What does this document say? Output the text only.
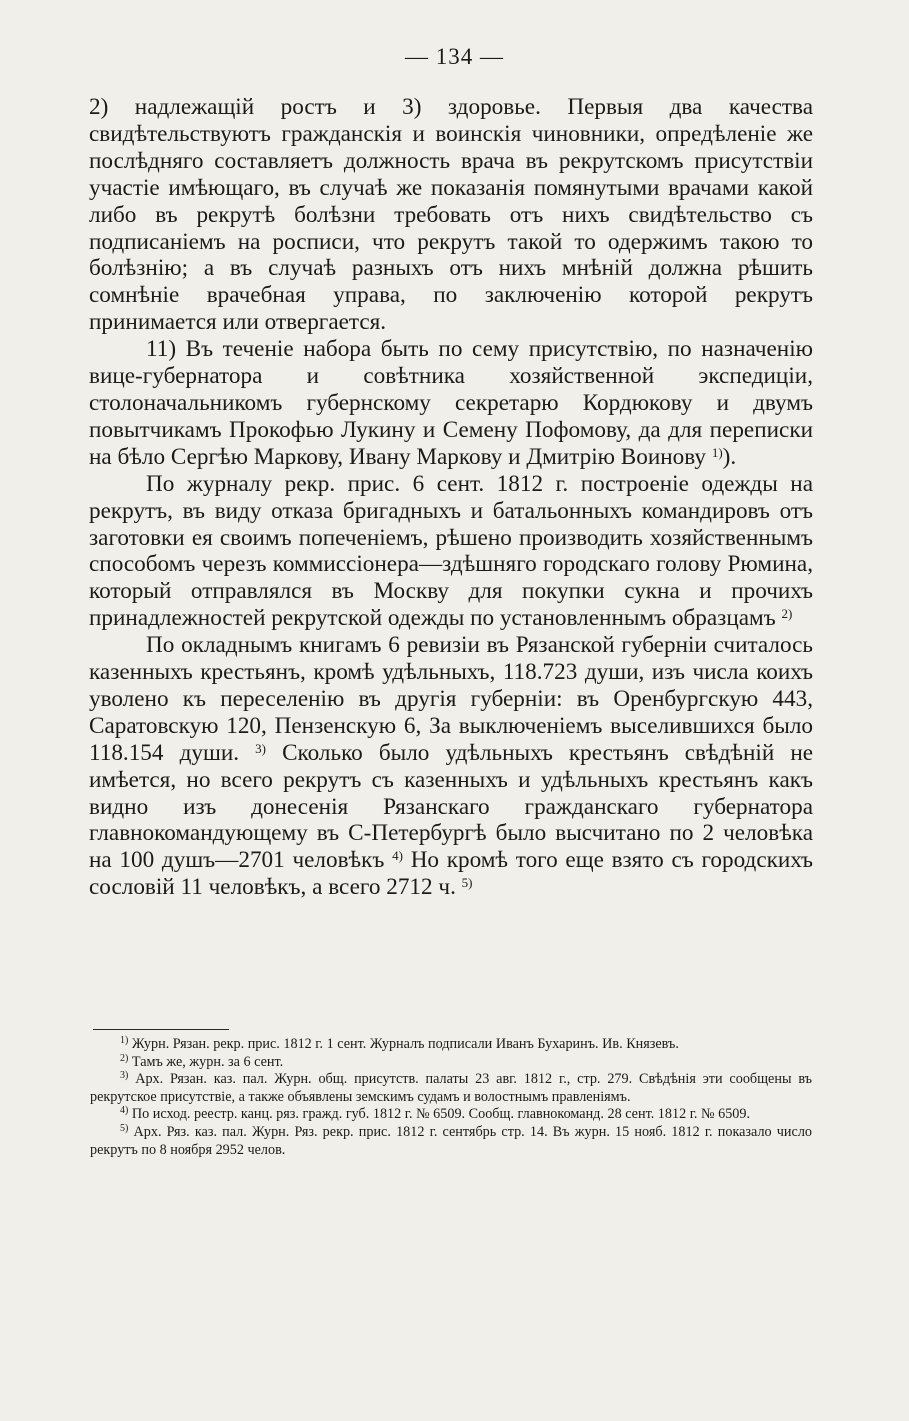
— 134 —

2) надлежащій ростъ и 3) здоровье. Первыя два качества свидѣтельствуютъ гражданскія и воинскія чиновники, опредѣленіе же послѣдняго составляетъ должность врача въ рекрутскомъ присутствіи участіе имѣющаго, въ случаѣ же показанія помянутыми врачами какой либо въ рекрутѣ болѣзни требовать отъ нихъ свидѣтельство съ подписаніемъ на росписи, что рекрутъ такой то одержимъ такою то болѣзнію; а въ случаѣ разныхъ отъ нихъ мнѣній должна рѣшить сомнѣніе врачебная управа, по заключенію которой рекрутъ принимается или отвергается.

11) Въ теченіе набора быть по сему присутствію, по назначенію вице-губернатора и совѣтника хозяйственной экспедиціи, столоначальникомъ губернскому секретарю Кордюкову и двумъ повытчикамъ Прокофью Лукину и Семену Пофомову, да для переписки на бѣло Сергѣю Маркову, Ивану Маркову и Дмитрію Воинову $^{1)}$).

По журналу рекр. прис. 6 сент. 1812 г. построеніе одежды на рекрутъ, въ виду отказа бригадныхъ и батальонныхъ командировъ отъ заготовки ея своимъ попеченіемъ, рѣшено производить хозяйственнымъ способомъ черезъ коммиссіонера—здѣшняго городскаго голову Рюмина, который отправлялся въ Москву для покупки сукна и прочихъ принадлежностей рекрутской одежды по установленнымъ образцамъ $^{2)}$

По окладнымъ книгамъ 6 ревизіи въ Рязанской губерніи считалось казенныхъ крестьянъ, кромѣ удѣльныхъ, 118.723 души, изъ числа коихъ уволено къ переселенію въ другія губерніи: въ Оренбургскую 443, Саратовскую 120, Пензенскую 6, За выключеніемъ выселившихся было 118.154 души. $^{3)}$ Сколько было удѣльныхъ крестьянъ свѣдѣній не имѣется, но всего рекрутъ съ казенныхъ и удѣльныхъ крестьянъ какъ видно изъ донесенія Рязанскаго гражданскаго губернатора главнокомандующему въ С-Петербургѣ было высчитано по 2 человѣка на 100 душъ—2701 человѣкъ $^{4)}$ Но кромѣ того еще взято съ городскихъ сословій 11 человѣкъ, а всего 2712 ч. $^{5)}$

$^{1)}$ Журн. Рязан. рекр. прис. 1812 г. 1 сент. Журналъ подписали Иванъ Бухаринъ. Ив. Князевъ.

$^{2)}$ Тамъ же, журн. за 6 сент.

$^{3)}$ Арх. Рязан. каз. пал. Журн. общ. присутств. палаты 23 авг. 1812 г., стр. 279. Свѣдѣнія эти сообщены въ рекрутское присутствіе, а также объявлены земскимъ судамъ и волостнымъ правленіямъ.

$^{4)}$ По исход. реестр. канц. ряз. гражд. губ. 1812 г. № 6509. Сообщ. главнокоманд. 28 сент. 1812 г. № 6509.

$^{5)}$ Арх. Ряз. каз. пал. Журн. Ряз. рекр. прис. 1812 г. сентябрь стр. 14. Въ журн. 15 нояб. 1812 г. показало число рекрутъ по 8 ноября 2952 челов.
